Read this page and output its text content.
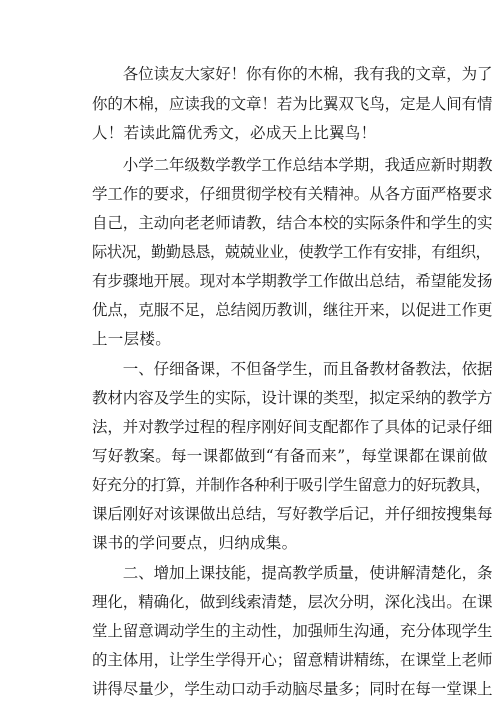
　　各位读友大家好！你有你的木棉，我有我的文章，为了
你的木棉，应读我的文章！若为比翼双飞鸟，定是人间有情
人！若读此篇优秀文，必成天上比翼鸟！
　　小学二年级数学教学工作总结本学期，我适应新时期教
学工作的要求，仔细贯彻学校有关精神。从各方面严格要求
自己，主动向老老师请教，结合本校的实际条件和学生的实
际状况，勤勤恳恳，兢兢业业，使教学工作有安排，有组织，
有步骤地开展。现对本学期教学工作做出总结，希望能发扬
优点，克服不足，总结阅历教训，继往开来，以促进工作更
上一层楼。
　　一、仔细备课，不但备学生，而且备教材备教法，依据
教材内容及学生的实际，设计课的类型，拟定采纳的教学方
法，并对教学过程的程序刚好间支配都作了具体的记录仔细
写好教案。每一课都做到“有备而来”，每堂课都在课前做
好充分的打算，并制作各种利于吸引学生留意力的好玩教具，
课后刚好对该课做出总结，写好教学后记，并仔细按搜集每
课书的学问要点，归纳成集。
　　二、增加上课技能，提高教学质量，使讲解清楚化，条
理化，精确化，做到线索清楚，层次分明，深化浅出。在课
堂上留意调动学生的主动性，加强师生沟通，充分体现学生
的主体用，让学生学得开心；留意精讲精练，在课堂上老师
讲得尽量少，学生动口动手动脑尽量多；同时在每一堂课上
